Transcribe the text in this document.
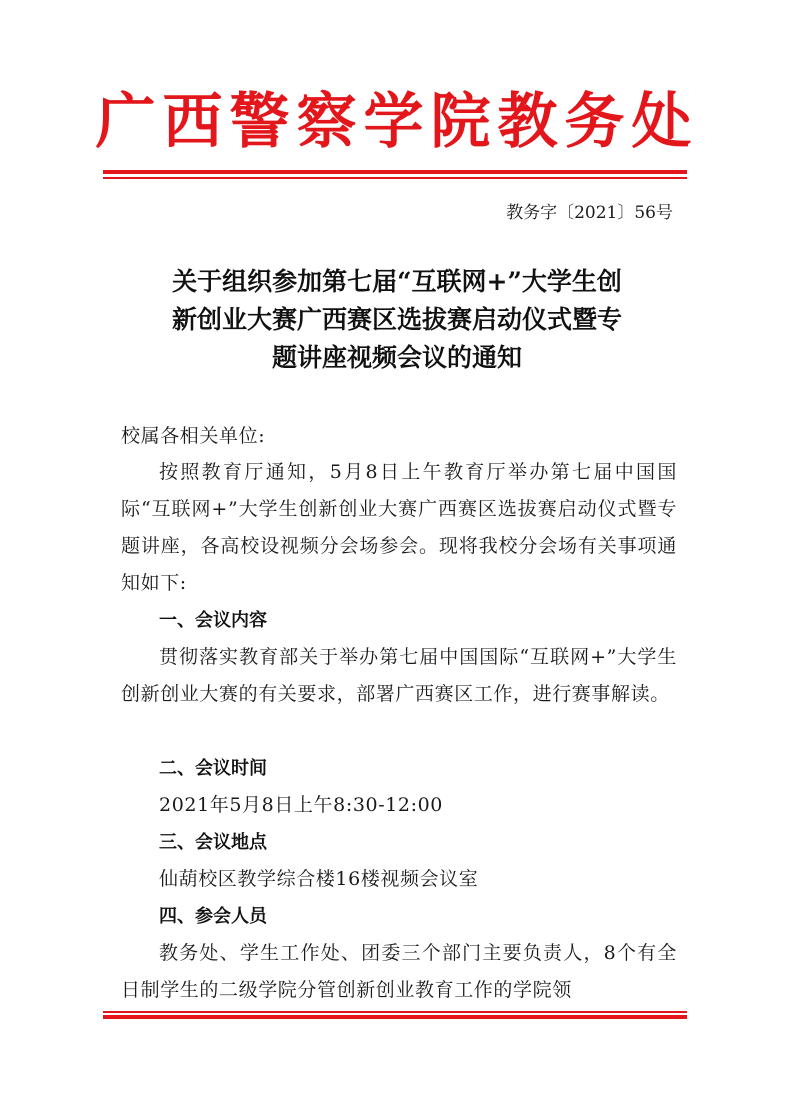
广西警察学院教务处
教务字〔2021〕56号
关于组织参加第七届“互联网+”大学生创
新创业大赛广西赛区选拔赛启动仪式暨专
题讲座视频会议的通知
校属各相关单位:

按照教育厅通知，5月8日上午教育厅举办第七届中国国际“互联网+”大学生创新创业大赛广西赛区选拔赛启动仪式暨专题讲座，各高校设视频分会场参会。现将我校分会场有关事项通知如下:

一、会议内容

贯彻落实教育部关于举办第七届中国国际“互联网+”大学生创新创业大赛的有关要求，部署广西赛区工作，进行赛事解读。

二、会议时间

2021年5月8日上午8:30-12:00

三、会议地点

仙葫校区教学综合楼16楼视频会议室

四、参会人员

教务处、学生工作处、团委三个部门主要负责人，8个有全日制学生的二级学院分管创新创业教育工作的学院领
